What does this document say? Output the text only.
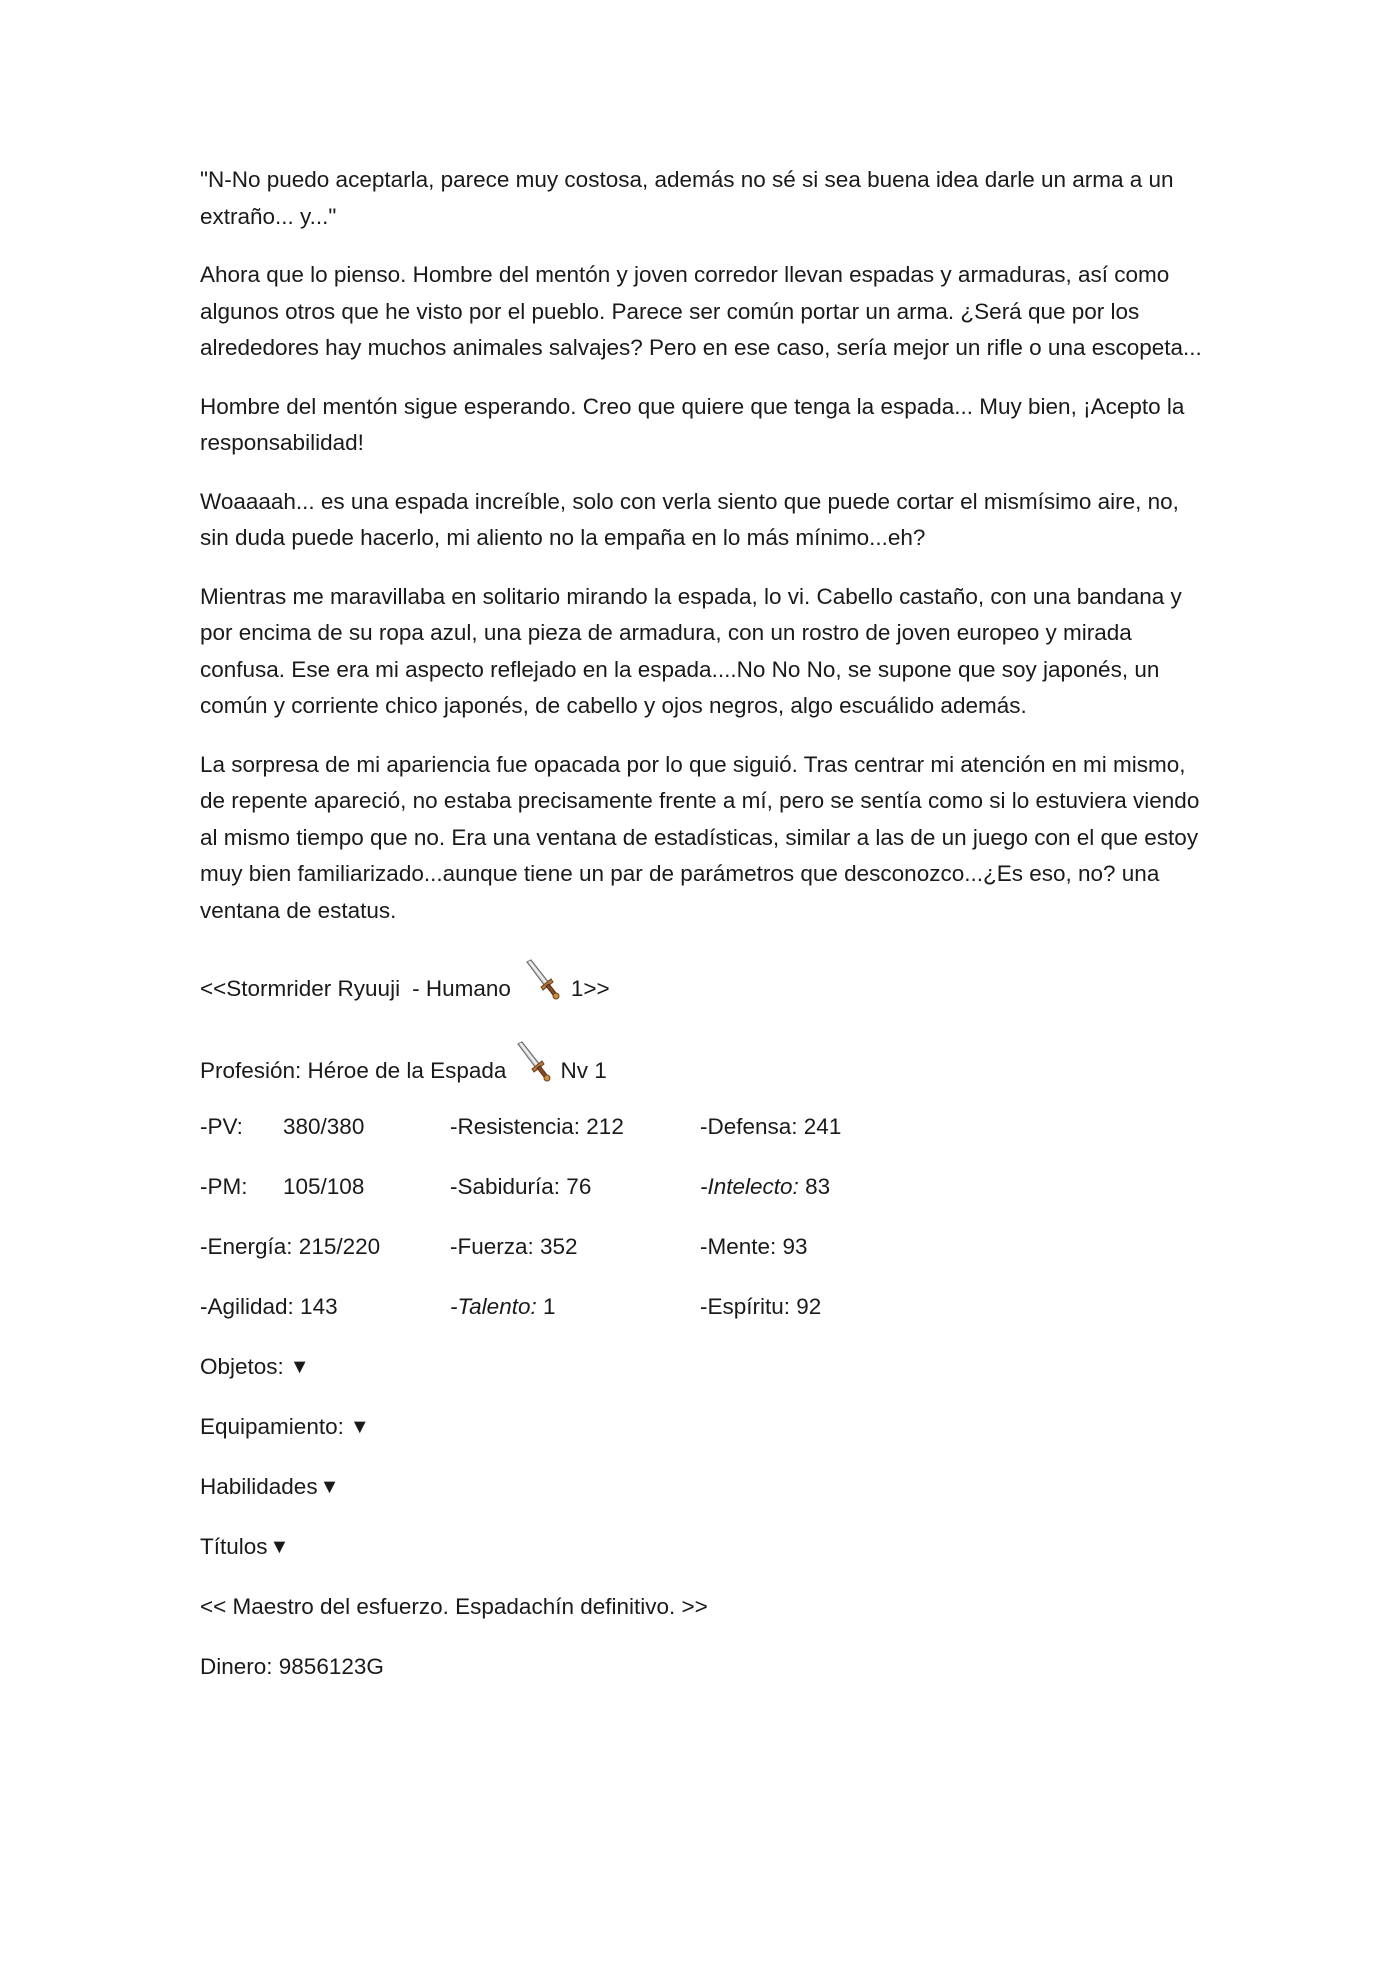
"N-No puedo aceptarla, parece muy costosa, además no sé si sea buena idea darle un arma a un extraño... y..."

Ahora que lo pienso. Hombre del mentón y joven corredor llevan espadas y armaduras, así como algunos otros que he visto por el pueblo. Parece ser común portar un arma. ¿Será que por los alrededores hay muchos animales salvajes? Pero en ese caso, sería mejor un rifle o una escopeta...

Hombre del mentón sigue esperando. Creo que quiere que tenga la espada... Muy bien, ¡Acepto la responsabilidad!

Woaaaah... es una espada increíble, solo con verla siento que puede cortar el mismísimo aire, no, sin duda puede hacerlo, mi aliento no la empaña en lo más mínimo...eh?

Mientras me maravillaba en solitario mirando la espada, lo vi. Cabello castaño, con una bandana y por encima de su ropa azul, una pieza de armadura, con un rostro de joven europeo y mirada confusa. Ese era mi aspecto reflejado en la espada....No No No, se supone que soy japonés, un común y corriente chico japonés, de cabello y ojos negros, algo escuálido además.

La sorpresa de mi apariencia fue opacada por lo que siguió. Tras centrar mi atención en mi mismo, de repente apareció, no estaba precisamente frente a mí, pero se sentía como si lo estuviera viendo al mismo tiempo que no. Era una ventana de estadísticas, similar a las de un juego con el que estoy muy bien familiarizado...aunque tiene un par de parámetros que desconozco...¿Es eso, no? una ventana de estatus.

<<Stormrider Ryuuji - Humano	1>>
Profesión: Héroe de la Espada Nv 1
-PV:	380/380	-Resistencia: 212	-Defensa: 241
-PM:	105/108	-Sabiduría: 76	-Intelecto: 83
-Energía: 215/220	-Fuerza: 352	-Mente: 93
-Agilidad: 143	-Talento: 1	-Espíritu: 92
Objetos: ▼
Equipamiento: ▼
Habilidades ▼
Títulos ▼
<< Maestro del esfuerzo. Espadachín definitivo. >>
Dinero: 9856123G
